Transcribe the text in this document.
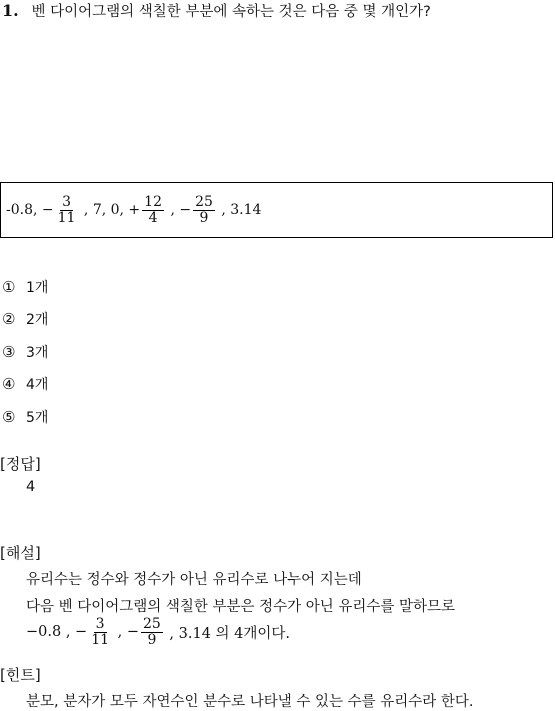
1. 벤 다이어그램의 색칠한 부분에 속하는 것은 다음 중 몇 개인가?
-0.8, − $\frac{3}{11}$ , 7, 0, + $\frac{12}{4}$ , − $\frac{25}{9}$ , 3.14
① 1개
② 2개
③ 3개
④ 4개
⑤ 5개
[정답]
4
[해설]
유리수는 정수와 정수가 아닌 유리수로 나누어 지는데
다음 벤 다이어그램의 색칠한 부분은 정수가 아닌 유리수를 말하므로
−0.8 , − $\frac{3}{11}$ , − $\frac{25}{9}$ , 3.14 의 4개이다.
[힌트]
분모, 분자가 모두 자연수인 분수로 나타낼 수 있는 수를 유리수라 한다.
